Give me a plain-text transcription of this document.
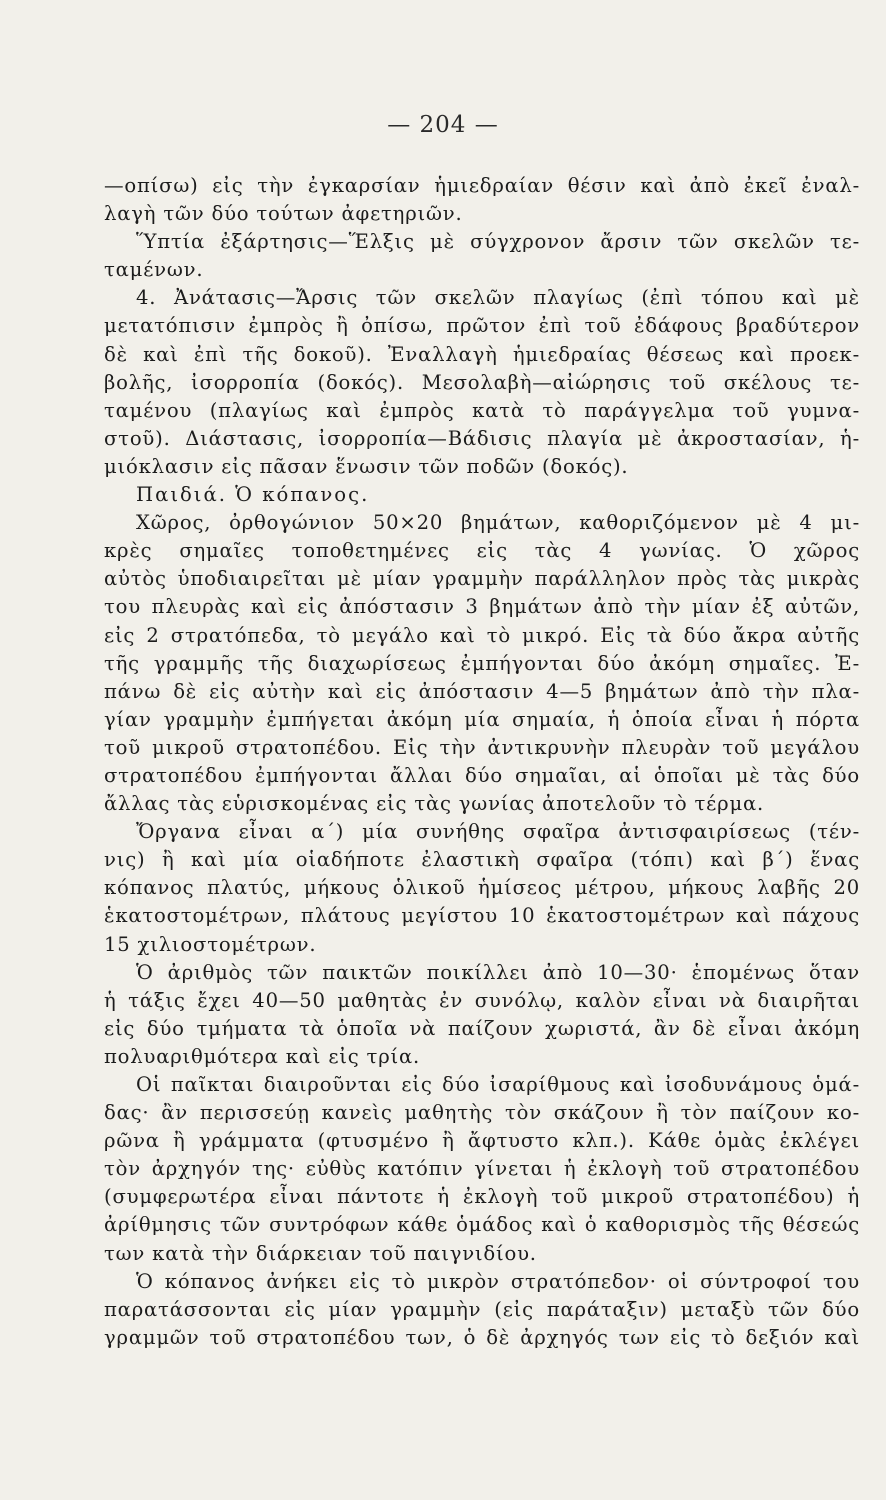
— 204 —
—οπίσω) εἰς τὴν ἐγκαρσίαν ἡμιεδραίαν θέσιν καὶ ἀπὸ ἐκεῖ ἐναλ-
λαγὴ τῶν δύο τούτων ἀφετηριῶν.
Ὕπτία ἐξάρτησις—Ἕλξις μὲ σύγχρονον ἄρσιν τῶν σκελῶν τε-
ταμένων.
4. Ἀνάτασις—Ἄρσις τῶν σκελῶν πλαγίως (ἐπὶ τόπου καὶ μὲ
μετατόπισιν ἐμπρὸς ἢ ὀπίσω, πρῶτον ἐπὶ τοῦ ἐδάφους βραδύτερον
δὲ καὶ ἐπὶ τῆς δοκοῦ). Ἐναλλαγὴ ἡμιεδραίας θέσεως καὶ προεκ-
βολῆς, ἰσορροπία (δοκός). Μεσολαβὴ—αἰώρησις τοῦ σκέλους τε-
ταμένου (πλαγίως καὶ ἐμπρὸς κατὰ τὸ παράγγελμα τοῦ γυμνα-
στοῦ). Διάστασις, ἰσορροπία—Βάδισις πλαγία μὲ ἀκροστασίαν, ἡ-
μιόκλασιν εἰς πᾶσαν ἕνωσιν τῶν ποδῶν (δοκός).
Παιδιά. Ὁ κόπανος.
Χῶρος, ὀρθογώνιον 50×20 βημάτων, καθοριζόμενον μὲ 4 μι-
κρὲς σημαῖες τοποθετημένες εἰς τὰς 4 γωνίας. Ὁ χῶρος
αὐτὸς ὑποδιαιρεῖται μὲ μίαν γραμμὴν παράλληλον πρὸς τὰς μικρὰς
του πλευρὰς καὶ εἰς ἀπόστασιν 3 βημάτων ἀπὸ τὴν μίαν ἐξ αὐτῶν,
εἰς 2 στρατόπεδα, τὸ μεγάλο καὶ τὸ μικρό. Εἰς τὰ δύο ἄκρα αὐτῆς
τῆς γραμμῆς τῆς διαχωρίσεως ἐμπήγονται δύο ἀκόμη σημαῖες. Ἐ-
πάνω δὲ εἰς αὐτὴν καὶ εἰς ἀπόστασιν 4—5 βημάτων ἀπὸ τὴν πλα-
γίαν γραμμὴν ἐμπήγεται ἀκόμη μία σημαία, ἡ ὁποία εἶναι ἡ πόρτα
τοῦ μικροῦ στρατοπέδου. Εἰς τὴν ἀντικρυνὴν πλευρὰν τοῦ μεγάλου
στρατοπέδου ἐμπήγονται ἄλλαι δύο σημαῖαι, αἱ ὁποῖαι μὲ τὰς δύο
ἄλλας τὰς εὑρισκομένας εἰς τὰς γωνίας ἀποτελοῦν τὸ τέρμα.
Ὄργανα εἶναι α΄) μία συνήθης σφαῖρα ἀντισφαιρίσεως (τέν-
νις) ἢ καὶ μία οἱαδήποτε ἐλαστικὴ σφαῖρα (τόπι) καὶ β΄) ἕνας
κόπανος πλατύς, μήκους ὁλικοῦ ἡμίσεος μέτρου, μήκους λαβῆς 20
ἑκατοστομέτρων, πλάτους μεγίστου 10 ἑκατοστομέτρων καὶ πάχους
15 χιλιοστομέτρων.
Ὁ ἀριθμὸς τῶν παικτῶν ποικίλλει ἀπὸ 10—30· ἑπομένως ὅταν
ἡ τάξις ἔχει 40—50 μαθητὰς ἐν συνόλῳ, καλὸν εἶναι νὰ διαιρῆται
εἰς δύο τμήματα τὰ ὁποῖα νὰ παίζουν χωριστά, ἂν δὲ εἶναι ἀκόμη
πολυαριθμότερα καὶ εἰς τρία.
Οἱ παῖκται διαιροῦνται εἰς δύο ἰσαρίθμους καὶ ἰσοδυνάμους ὁμά-
δας· ἂν περισσεύῃ κανεὶς μαθητὴς τὸν σκάζουν ἢ τὸν παίζουν κο-
ρῶνα ἢ γράμματα (φτυσμένο ἢ ἄφτυστο κλπ.). Κάθε ὁμὰς ἐκλέγει
τὸν ἀρχηγόν της· εὐθὺς κατόπιν γίνεται ἡ ἐκλογὴ τοῦ στρατοπέδου
(συμφερωτέρα εἶναι πάντοτε ἡ ἐκλογὴ τοῦ μικροῦ στρατοπέδου) ἡ
ἀρίθμησις τῶν συντρόφων κάθε ὁμάδος καὶ ὁ καθορισμὸς τῆς θέσεώς
των κατὰ τὴν διάρκειαν τοῦ παιγνιδίου.
Ὁ κόπανος ἀνήκει εἰς τὸ μικρὸν στρατόπεδον· οἱ σύντροφοί του
παρατάσσονται εἰς μίαν γραμμὴν (εἰς παράταξιν) μεταξὺ τῶν δύο
γραμμῶν τοῦ στρατοπέδου των, ὁ δὲ ἀρχηγός των εἰς τὸ δεξιόν καὶ
